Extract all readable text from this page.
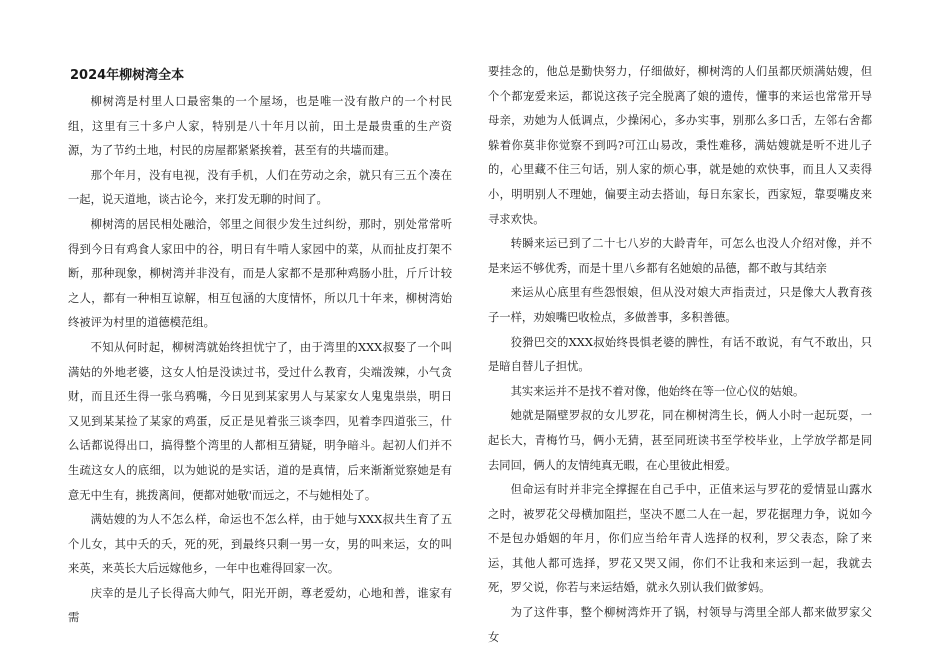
2024年柳树湾全本

柳树湾是村里人口最密集的一个屋场，也是唯一没有散户的一个村民组，这里有三十多户人家，特别是八十年月以前，田土是最贵重的生产资源，为了节约土地，村民的房屋都紧紧挨着，甚至有的共墙而建。

那个年月，没有电视，没有手机，人们在劳动之余，就只有三五个凑在一起，说天道地，谈古论今，来打发无聊的时间了。

柳树湾的居民相处融洽，邻里之间很少发生过纠纷，那时，别处常常听得到今日有鸡食人家田中的谷，明日有牛啃人家园中的菜，从而扯皮打架不断，那种现象，柳树湾并非没有，而是人家都不是那种鸡肠小肚，斤斤计较之人，都有一种相互谅解，相互包涵的大度情怀，所以几十年来，柳树湾始终被评为村里的道德模范组。

不知从何时起，柳树湾就始终担忧宁了，由于湾里的XXX叔娶了一个叫满姑的外地老婆，这女人怕是没读过书，受过什么教育，尖端泼辣，小气贪财，而且还生得一张乌鸦嘴，今日见到某家男人与某家女人鬼鬼祟祟，明日又见到某某捡了某家的鸡蛋，反正是见着张三谈李四，见着李四道张三，什么话都说得出口，搞得整个湾里的人都相互猜疑，明争暗斗。起初人们并不生疏这女人的底细，以为她说的是实话，道的是真情，后来渐渐觉察她是有意无中生有，挑拨离间，便都对她敬'而远之，不与她相处了。

满姑嫂的为人不怎么样，命运也不怎么样，由于她与XXX叔共生育了五个儿女，其中夭的夭，死的死，到最终只剩一男一女，男的叫来运，女的叫来英，来英长大后远嫁他乡，一年中也难得回家一次。

庆幸的是儿子长得高大帅气，阳光开朗，尊老爱幼，心地和善，谁家有需

要挂念的，他总是勤快努力，仔细做好，柳树湾的人们虽都厌烦满姑嫂，但个个都宠爱来运，都说这孩子完全脱离了娘的遗传，懂事的来运也常常开导母亲，劝她为人低调点，少操闲心，多办实事，别那么多口舌，左邻右舍都躲着你莫非你觉察不到吗?可江山易改，秉性难移，满姑嫂就是听不进儿子的，心里藏不住三句话，别人家的烦心事，就是她的欢快事，而且人又卖得小，明明别人不理她，偏要主动去搭讪，每日东家长，西家短，靠耍嘴皮来寻求欢快。

转瞬来运已到了二十七八岁的大龄青年，可怎么也没人介绍对像，并不是来运不够优秀，而是十里八乡都有名她娘的品德，都不敢与其结亲

来运从心底里有些怨恨娘，但从没对娘大声指责过，只是像大人教育孩子一样，劝娘嘴巴收检点，多做善事，多积善德。

狡猾巴交的XXX叔始终畏惧老婆的脾性，有话不敢说，有气不敢出，只是暗自替儿子担忧。

其实来运并不是找不着对像，他始终在等一位心仪的姑娘。

她就是隔壁罗叔的女儿罗花，同在柳树湾生长，俩人小时一起玩耍，一起长大，青梅竹马，俩小无猜，甚至同班读书至学校毕业，上学放学都是同去同回，俩人的友情纯真无暇，在心里彼此相爱。

但命运有时并非完全撑握在自己手中，正值来运与罗花的爱情显山露水之时，被罗花父母横加阻拦，坚决不愿二人在一起，罗花据理力争，说如今不是包办婚姻的年月，你们应当给年青人选择的权利，罗父表态，除了来运，其他人都可选择，罗花又哭又闹，你们不让我和来运到一起，我就去死，罗父说，你若与来运结婚，就永久别认我们做爹妈。

为了这件事，整个柳树湾炸开了锅，村领导与湾里全部人都来做罗家父女
